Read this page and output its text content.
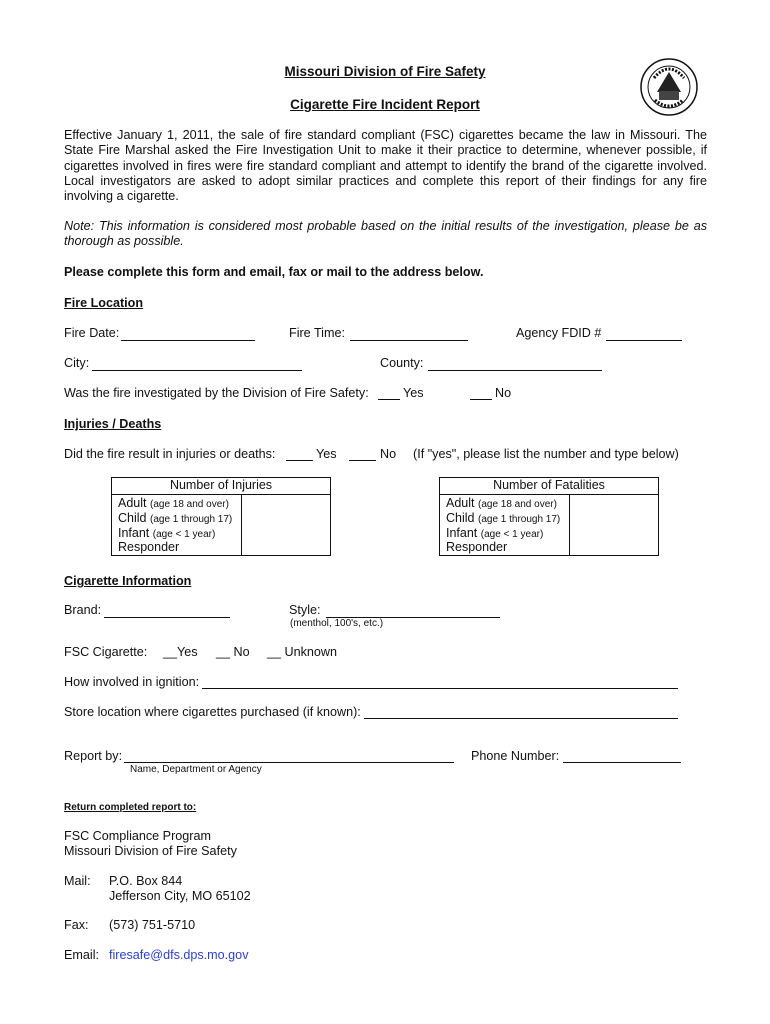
Missouri Division of Fire Safety
Cigarette Fire Incident Report
Effective January 1, 2011, the sale of fire standard compliant (FSC) cigarettes became the law in Missouri. The State Fire Marshal asked the Fire Investigation Unit to make it their practice to determine, whenever possible, if cigarettes involved in fires were fire standard compliant and attempt to identify the brand of the cigarette involved. Local investigators are asked to adopt similar practices and complete this report of their findings for any fire involving a cigarette.
Note: This information is considered most probable based on the initial results of the investigation, please be as thorough as possible.
Please complete this form and email, fax or mail to the address below.
Fire Location
Fire Date:	Fire Time:	Agency FDID #
City:	County:
Was the fire investigated by the Division of Fire Safety:	Yes	No
Injuries / Deaths
Did the fire result in injuries or deaths:	Yes	No (If "yes", please list the number and type below)
Number of Injuries
Adult (age 18 and over)
Child (age 1 through 17)
Infant (age < 1 year)
Responder
Number of Fatalities
Adult (age 18 and over)
Child (age 1 through 17)
Infant (age < 1 year)
Responder
Cigarette Information
Brand:	Style:
(menthol, 100's, etc.)
FSC Cigarette: __Yes __ No __ Unknown
How involved in ignition:
Store location where cigarettes purchased (if known):
Report by:
Name, Department or Agency
Phone Number:
Return completed report to:
FSC Compliance Program
Missouri Division of Fire Safety
Mail: P.O. Box 844
Jefferson City, MO 65102
Fax: (573) 751-5710
Email: firesafe@dfs.dps.mo.gov
